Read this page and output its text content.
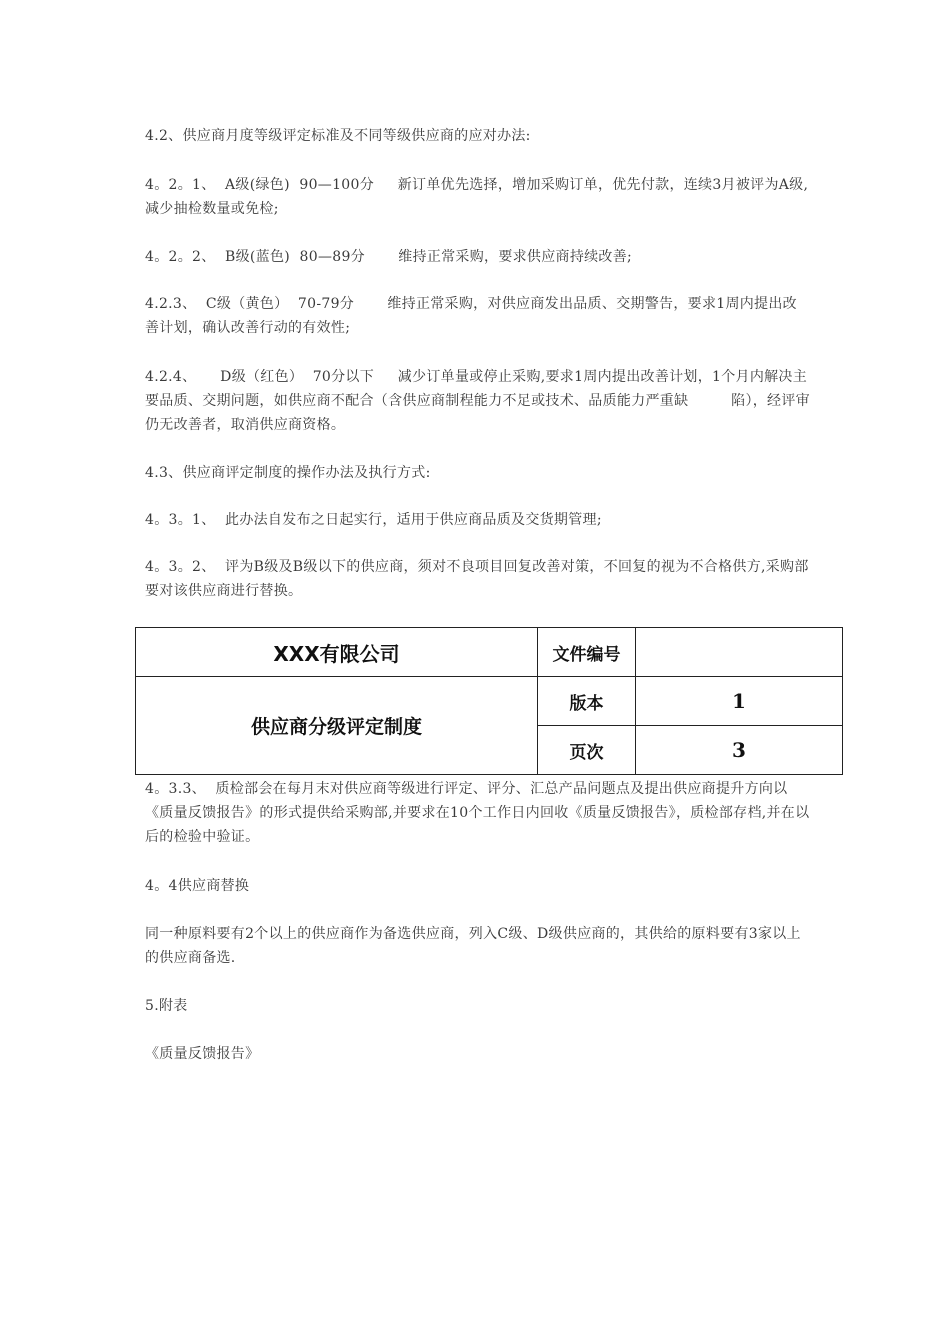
4.2、供应商月度等级评定标准及不同等级供应商的应对办法:
4。2。1、  A级(绿色)  90—100分     新订单优先选择，增加采购订单，优先付款，连续3月被评为A级,减少抽检数量或免检;
4。2。2、  B级(蓝色)  80—89分       维持正常采购，要求供应商持续改善;
4.2.3、  C级（黄色）  70-79分       维持正常采购，对供应商发出品质、交期警告，要求1周内提出改善计划，确认改善行动的有效性;
4.2.4、     D级（红色）  70分以下     减少订单量或停止采购,要求1周内提出改善计划，1个月内解决主要品质、交期问题，如供应商不配合（含供应商制程能力不足或技术、品质能力严重缺         陷），经评审仍无改善者，取消供应商资格。
4.3、供应商评定制度的操作办法及执行方式:
4。3。1、  此办法自发布之日起实行，适用于供应商品质及交货期管理;
4。3。2、  评为B级及B级以下的供应商，须对不良项目回复改善对策，不回复的视为不合格供方,采购部要对该供应商进行替换。
XXX有限公司	文件编号	
供应商分级评定制度	版本	1
	页次	3
4。3.3、  质检部会在每月末对供应商等级进行评定、评分、汇总产品问题点及提出供应商提升方向以《质量反馈报告》的形式提供给采购部,并要求在10个工作日内回收《质量反馈报告》，质检部存档,并在以后的检验中验证。
4。4供应商替换
同一种原料要有2个以上的供应商作为备选供应商，列入C级、D级供应商的，其供给的原料要有3家以上的供应商备选.
5.附表
《质量反馈报告》
